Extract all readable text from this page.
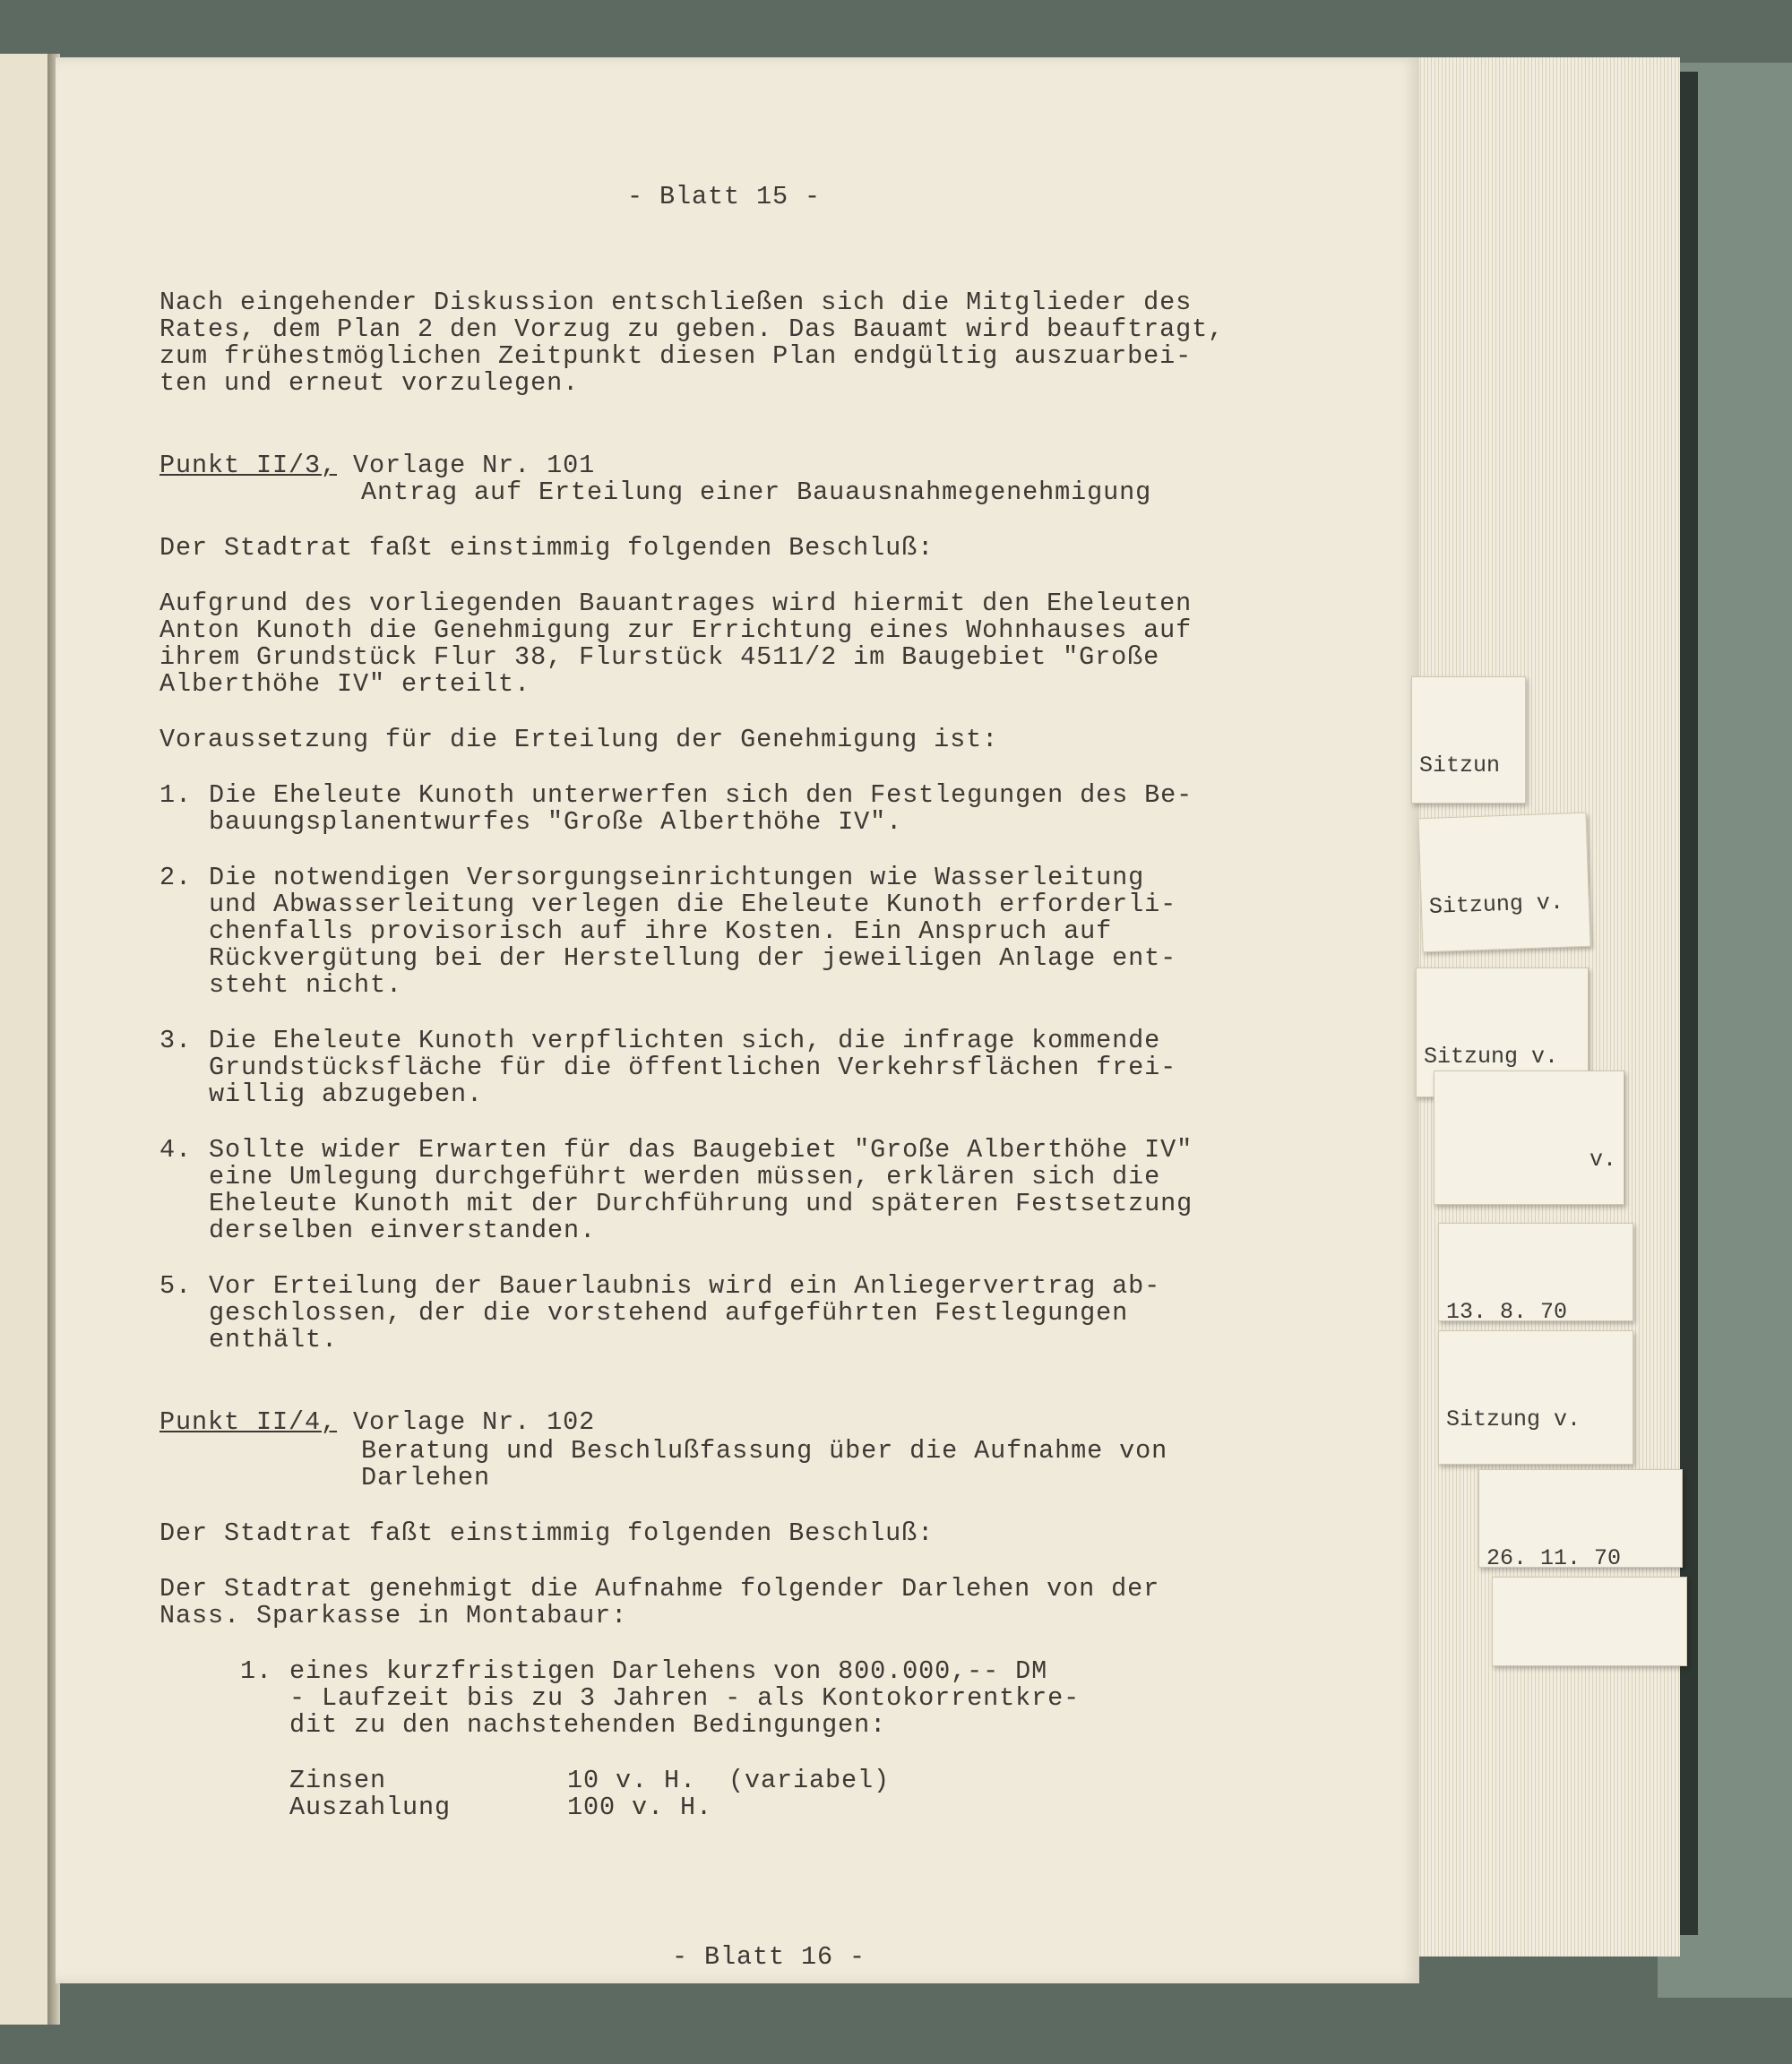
- Blatt 15 -
Nach eingehender Diskussion entschließen sich die Mitglieder des
Rates, dem Plan 2 den Vorzug zu geben. Das Bauamt wird beauftragt,
zum frühestmöglichen Zeitpunkt diesen Plan endgültig auszuarbei-
ten und erneut vorzulegen.
Punkt II/3, Vorlage Nr. 101
Antrag auf Erteilung einer Bauausnahmegenehmigung
Der Stadtrat faßt einstimmig folgenden Beschluß:
Aufgrund des vorliegenden Bauantrages wird hiermit den Eheleuten
Anton Kunoth die Genehmigung zur Errichtung eines Wohnhauses auf
ihrem Grundstück Flur 38, Flurstück 4511/2 im Baugebiet "Große
Alberthöhe IV" erteilt.
Voraussetzung für die Erteilung der Genehmigung ist:
1. Die Eheleute Kunoth unterwerfen sich den Festlegungen des Be-
bauungsplanentwurfes "Große Alberthöhe IV".
2. Die notwendigen Versorgungseinrichtungen wie Wasserleitung
und Abwasserleitung verlegen die Eheleute Kunoth erforderli-
chenfalls provisorisch auf ihre Kosten. Ein Anspruch auf
Rückvergütung bei der Herstellung der jeweiligen Anlage ent-
steht nicht.
3. Die Eheleute Kunoth verpflichten sich, die infrage kommende
Grundstücksfläche für die öffentlichen Verkehrsflächen frei-
willig abzugeben.
4. Sollte wider Erwarten für das Baugebiet "Große Alberthöhe IV"
eine Umlegung durchgeführt werden müssen, erklären sich die
Eheleute Kunoth mit der Durchführung und späteren Festsetzung
derselben einverstanden.
5. Vor Erteilung der Bauerlaubnis wird ein Anliegervertrag ab-
geschlossen, der die vorstehend aufgeführten Festlegungen
enthält.
Punkt II/4, Vorlage Nr. 102
Beratung und Beschlußfassung über die Aufnahme von
Darlehen
Der Stadtrat faßt einstimmig folgenden Beschluß:
Der Stadtrat genehmigt die Aufnahme folgender Darlehen von der
Nass. Sparkasse in Montabaur:
1. eines kurzfristigen Darlehens von 800.000,-- DM
- Laufzeit bis zu 3 Jahren - als Kontokorrentkre-
dit zu den nachstehenden Bedingungen:
Zinsen	10 v. H.  (variabel)
Auszahlung	100 v. H.
- Blatt 16 -

Sitzun

Sitzung v.

Sitzung v.

v.

13. 8. 70

Sitzung v.

26. 11. 70
